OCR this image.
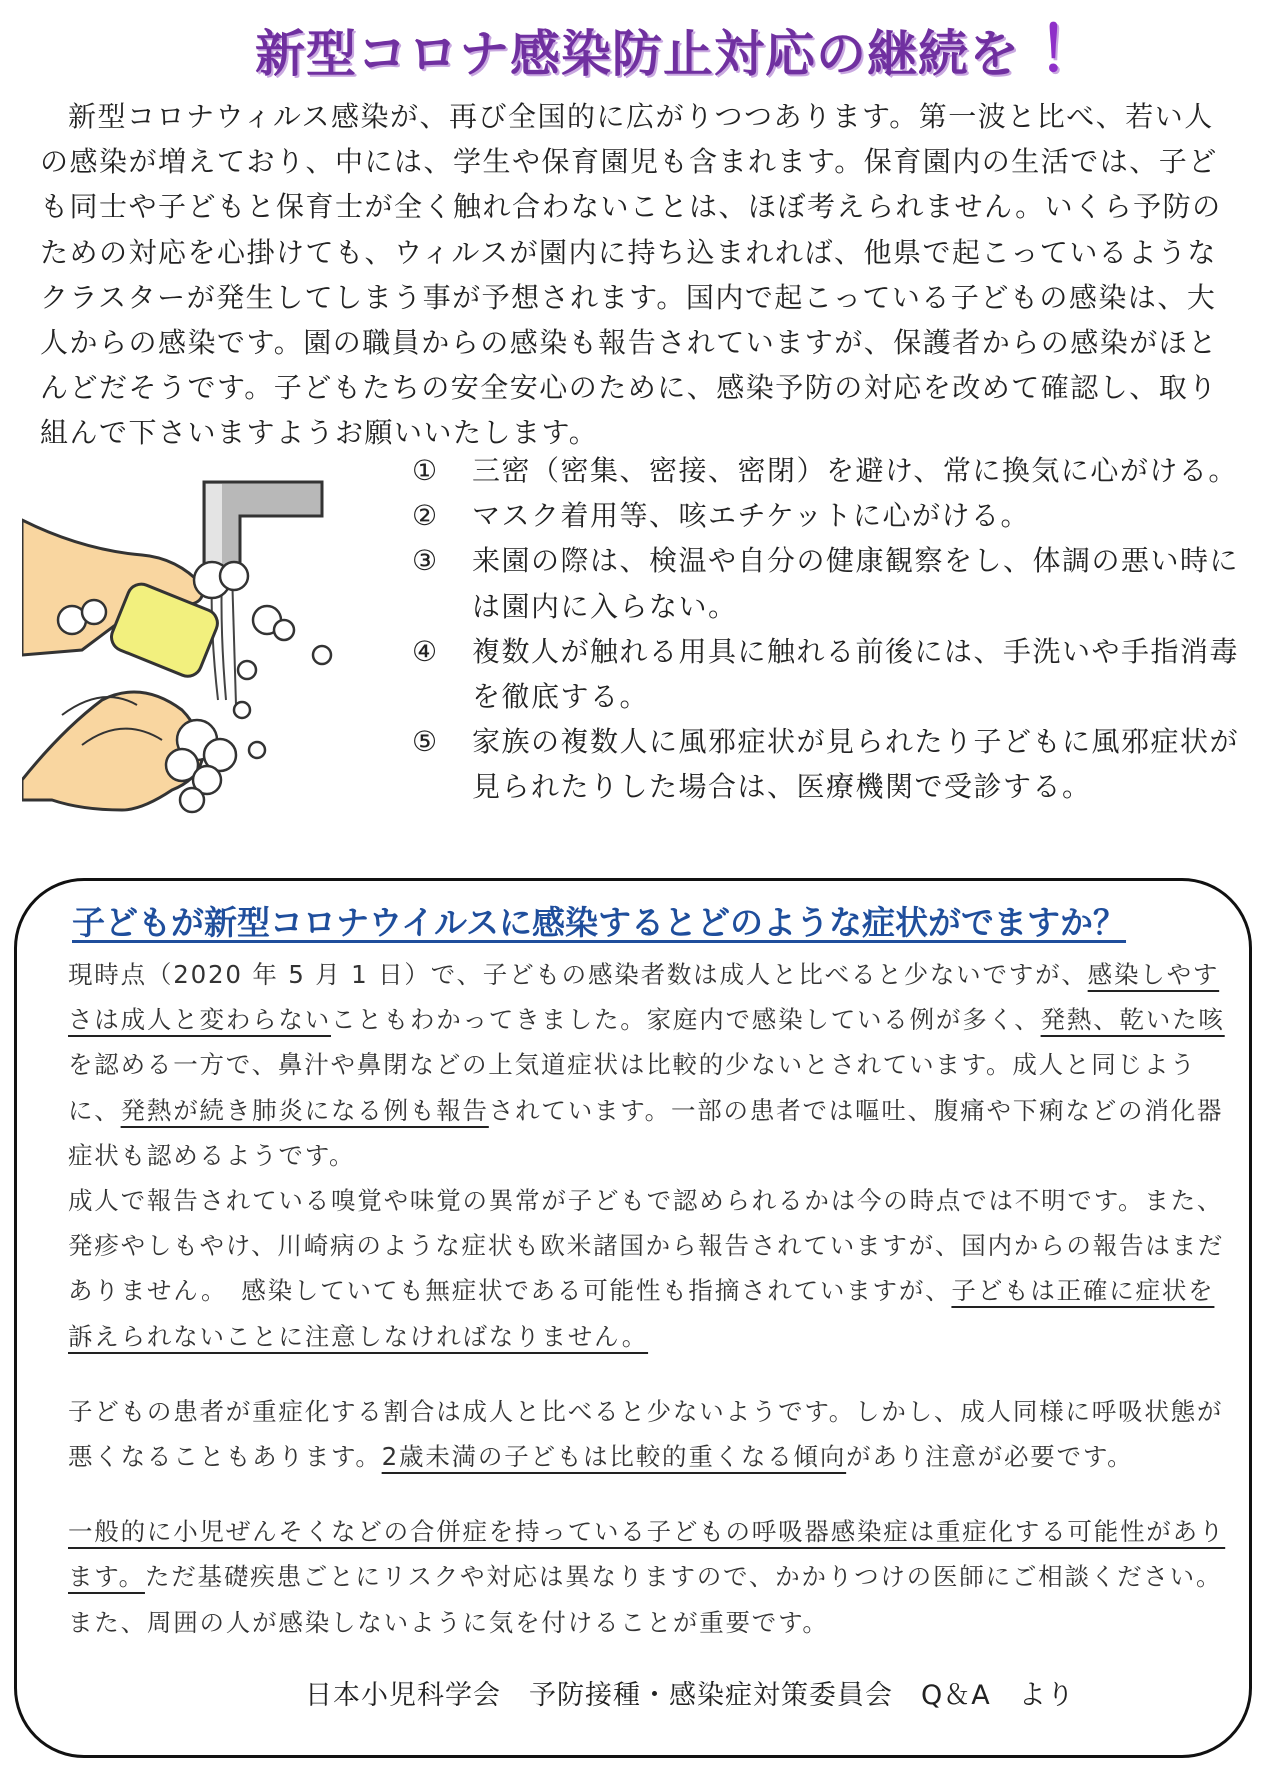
新型コロナ感染防止対応の継続を ！

新型コロナウィルス感染が、再び全国的に広がりつつあります。第一波と比べ、若い人の感染が増えており、中には、学生や保育園児も含まれます。保育園内の生活では、子ども同士や子どもと保育士が全く触れ合わないことは、ほぼ考えられません。いくら予防のための対応を心掛けても、ウィルスが園内に持ち込まれれば、他県で起こっているようなクラスターが発生してしまう事が予想されます。国内で起こっている子どもの感染は、大人からの感染です。園の職員からの感染も報告されていますが、保護者からの感染がほとんどだそうです。子どもたちの安全安心のために、感染予防の対応を改めて確認し、取り組んで下さいますようお願いいたします。

①	三密（密集、密接、密閉）を避け、常に換気に心がける。
②	マスク着用等、咳エチケットに心がける。
③	来園の際は、検温や自分の健康観察をし、体調の悪い時には園内に入らない。
④	複数人が触れる用具に触れる前後には、手洗いや手指消毒を徹底する。
⑤	家族の複数人に風邪症状が見られたり子どもに風邪症状が見られたりした場合は、医療機関で受診する。
子どもが新型コロナウイルスに感染するとどのような症状がでますか？

現時点（2020 年 5 月 1 日）で、子どもの感染者数は成人と比べると少ないですが、感染しやすさは成人と変わらないこともわかってきました。家庭内で感染している例が多く、発熱、乾いた咳を認める一方で、鼻汁や鼻閉などの上気道症状は比較的少ないとされています。成人と同じように、発熱が続き肺炎になる例も報告されています。一部の患者では嘔吐、腹痛や下痢などの消化器症状も認めるようです。

成人で報告されている嗅覚や味覚の異常が子どもで認められるかは今の時点では不明です。また、発疹やしもやけ、川崎病のような症状も欧米諸国から報告されていますが、国内からの報告はまだありません。　感染していても無症状である可能性も指摘されていますが、子どもは正確に症状を訴えられないことに注意しなければなりません。

子どもの患者が重症化する割合は成人と比べると少ないようです。しかし、成人同様に呼吸状態が悪くなることもあります。2歳未満の子どもは比較的重くなる傾向があり注意が必要です。

一般的に小児ぜんそくなどの合併症を持っている子どもの呼吸器感染症は重症化する可能性があります。ただ基礎疾患ごとにリスクや対応は異なりますので、かかりつけの医師にご相談ください。また、周囲の人が感染しないように気を付けることが重要です。

日本小児科学会　予防接種・感染症対策委員会　Q＆A　より
